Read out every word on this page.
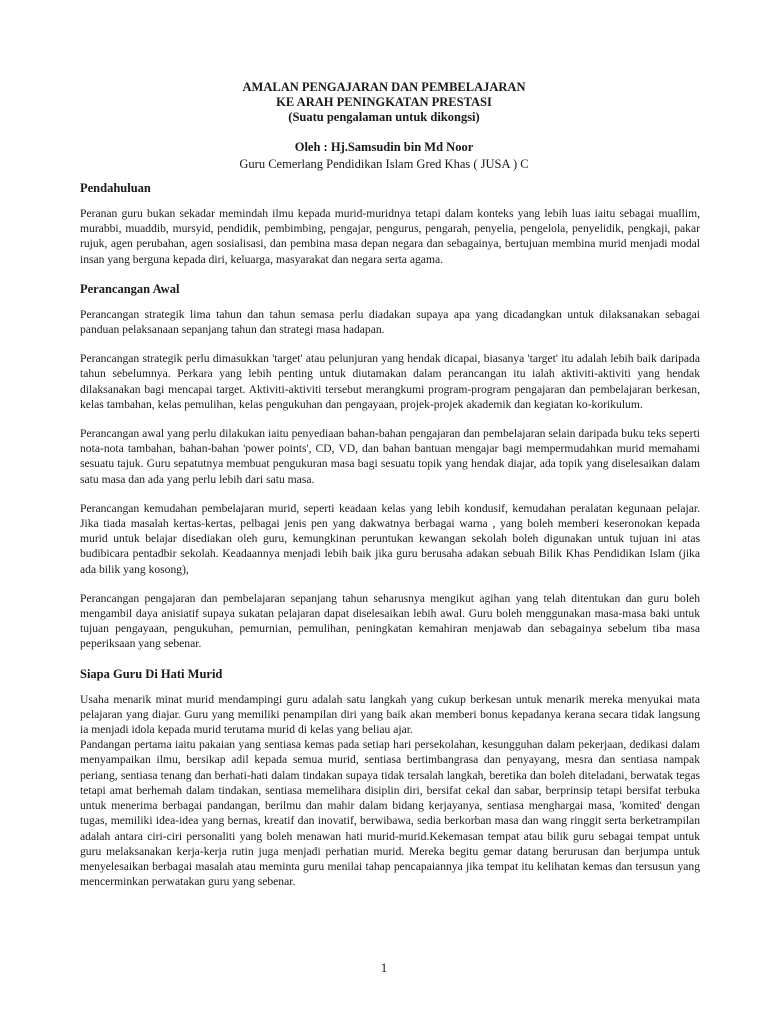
AMALAN PENGAJARAN DAN PEMBELAJARAN
KE ARAH PENINGKATAN PRESTASI
(Suatu pengalaman untuk dikongsi)
Oleh : Hj.Samsudin bin Md Noor
Guru Cemerlang Pendidikan Islam Gred Khas ( JUSA ) C
Pendahuluan

Peranan guru bukan sekadar memindah ilmu kepada murid-muridnya tetapi dalam konteks yang lebih luas iaitu sebagai muallim, murabbi, muaddib, mursyid, pendidik, pembimbing, pengajar, pengurus, pengarah, penyelia, pengelola, penyelidik, pengkaji, pakar rujuk, agen perubahan, agen sosialisasi, dan pembina masa depan negara dan sebagainya, bertujuan membina murid menjadi modal insan yang berguna kepada diri, keluarga, masyarakat dan negara serta agama.

Perancangan Awal

Perancangan strategik lima tahun dan tahun semasa perlu diadakan supaya apa yang dicadangkan untuk dilaksanakan sebagai panduan pelaksanaan sepanjang tahun dan strategi masa hadapan.

Perancangan strategik perlu dimasukkan 'target' atau pelunjuran yang hendak dicapai, biasanya 'target' itu adalah lebih baik daripada tahun sebelumnya. Perkara yang lebih penting untuk diutamakan dalam perancangan itu ialah aktiviti-aktiviti yang hendak dilaksanakan bagi mencapai target. Aktiviti-aktiviti tersebut merangkumi program-program pengajaran dan pembelajaran berkesan, kelas tambahan, kelas pemulihan, kelas pengukuhan dan pengayaan, projek-projek akademik dan kegiatan ko-korikulum.

Perancangan awal yang perlu dilakukan iaitu penyediaan bahan-bahan pengajaran dan pembelajaran selain daripada buku teks seperti nota-nota tambahan, bahan-bahan 'power points', CD, VD, dan bahan bantuan mengajar bagi mempermudahkan murid memahami sesuatu tajuk. Guru sepatutnya membuat pengukuran masa bagi sesuatu topik yang hendak diajar, ada topik yang diselesaikan dalam satu masa dan ada yang perlu lebih dari satu masa.

Perancangan kemudahan pembelajaran murid, seperti keadaan kelas yang lebih kondusif, kemudahan peralatan kegunaan pelajar. Jika tiada masalah kertas-kertas, pelbagai jenis pen yang dakwatnya berbagai warna , yang boleh memberi keseronokan kepada murid untuk belajar disediakan oleh guru, kemungkinan peruntukan kewangan sekolah boleh digunakan untuk tujuan ini atas budibicara pentadbir sekolah. Keadaannya menjadi lebih baik jika guru berusaha adakan sebuah Bilik Khas Pendidikan Islam (jika ada bilik yang kosong),

Perancangan pengajaran dan pembelajaran sepanjang tahun seharusnya mengikut agihan yang telah ditentukan dan guru boleh mengambil daya anisiatif supaya sukatan pelajaran dapat diselesaikan lebih awal. Guru boleh menggunakan masa-masa baki untuk tujuan pengayaan, pengukuhan, pemurnian, pemulihan, peningkatan kemahiran menjawab dan sebagainya sebelum tiba masa peperiksaan yang sebenar.

Siapa Guru Di Hati Murid

Usaha menarik minat murid mendampingi guru adalah satu langkah yang cukup berkesan untuk menarik mereka menyukai mata pelajaran yang diajar. Guru yang memiliki penampilan diri yang baik akan memberi bonus kepadanya kerana secara tidak langsung ia menjadi idola kepada murid terutama murid di kelas yang beliau ajar.

Pandangan pertama iaitu pakaian yang sentiasa kemas pada setiap hari persekolahan, kesungguhan dalam pekerjaan, dedikasi dalam menyampaikan ilmu, bersikap adil kepada semua murid, sentiasa bertimbangrasa dan penyayang, mesra dan sentiasa nampak periang, sentiasa tenang dan berhati-hati dalam tindakan supaya tidak tersalah langkah, beretika dan boleh diteladani, berwatak tegas tetapi amat berhemah dalam tindakan, sentiasa memelihara disiplin diri, bersifat cekal dan sabar, berprinsip tetapi bersifat terbuka untuk menerima berbagai pandangan, berilmu dan mahir dalam bidang kerjayanya, sentiasa menghargai masa, 'komited' dengan tugas, memiliki idea-idea yang bernas, kreatif dan inovatif, berwibawa, sedia berkorban masa dan wang ringgit serta berketrampilan adalah antara ciri-ciri personaliti yang boleh menawan hati murid-murid.Kekemasan tempat atau bilik guru sebagai tempat untuk guru melaksanakan kerja-kerja rutin juga menjadi perhatian murid. Mereka begitu gemar datang berurusan dan berjumpa untuk menyelesaikan berbagai masalah atau meminta guru menilai tahap pencapaiannya jika tempat itu kelihatan kemas dan tersusun yang mencerminkan perwatakan guru yang sebenar.

1
